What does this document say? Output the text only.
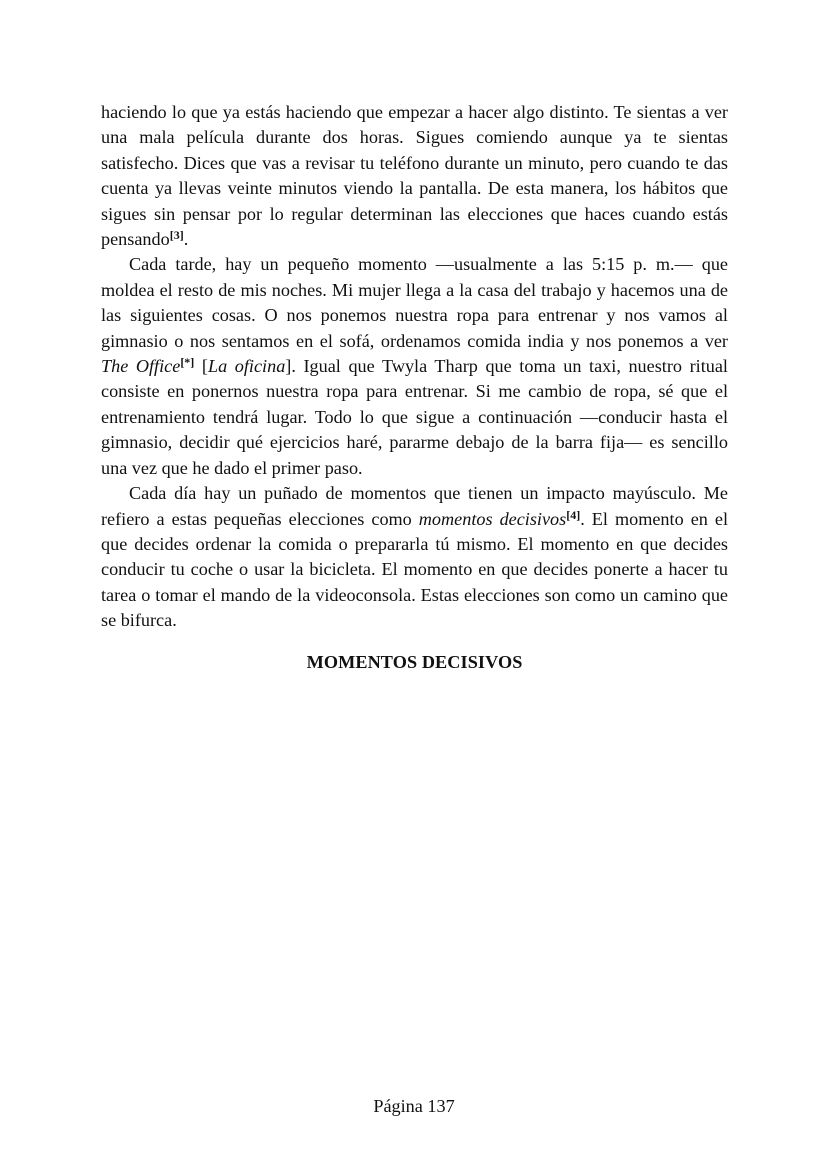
haciendo lo que ya estás haciendo que empezar a hacer algo distinto. Te sientas a ver una mala película durante dos horas. Sigues comiendo aunque ya te sientas satisfecho. Dices que vas a revisar tu teléfono durante un minuto, pero cuando te das cuenta ya llevas veinte minutos viendo la pantalla. De esta manera, los hábitos que sigues sin pensar por lo regular determinan las elecciones que haces cuando estás pensando[3].

Cada tarde, hay un pequeño momento —usualmente a las 5:15 p. m.— que moldea el resto de mis noches. Mi mujer llega a la casa del trabajo y hacemos una de las siguientes cosas. O nos ponemos nuestra ropa para entrenar y nos vamos al gimnasio o nos sentamos en el sofá, ordenamos comida india y nos ponemos a ver The Office[*] [La oficina]. Igual que Twyla Tharp que toma un taxi, nuestro ritual consiste en ponernos nuestra ropa para entrenar. Si me cambio de ropa, sé que el entrenamiento tendrá lugar. Todo lo que sigue a continuación —conducir hasta el gimnasio, decidir qué ejercicios haré, pararme debajo de la barra fija— es sencillo una vez que he dado el primer paso.

Cada día hay un puñado de momentos que tienen un impacto mayúsculo. Me refiero a estas pequeñas elecciones como momentos decisivos[4]. El momento en el que decides ordenar la comida o prepararla tú mismo. El momento en que decides conducir tu coche o usar la bicicleta. El momento en que decides ponerte a hacer tu tarea o tomar el mando de la videoconsola. Estas elecciones son como un camino que se bifurca.

MOMENTOS DECISIVOS
Página 137
